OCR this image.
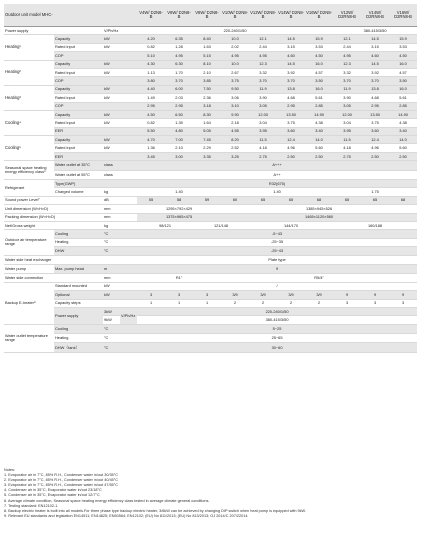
Outdoor unit model MHC-				V4W/ D2N8-B	V6W/ D2N8-B	V8W/ D2N8-B	V10W/ D2N8-B	V12W/ D2N8-B	V14W/ D2N8-B	V16W/ D2N8-B	V12W/ D2RN8-B	V14W/ D2RN8-B	V16W/ D2RN8-B
Power supply		V/Ph/Hz		220-240/1/50							380-415/3/50		
Heating¹	Capacity	kW		4.20	6.35	8.40	10.0	12.1	14.5	15.9	12.1	14.5	15.9
	Rated input	kW		0.82	1.28	1.63	2.02	2.44	3.15	3.53	2.44	3.15	3.53
	COP			5.10	4.95	5.15	4.95	4.95	4.60	4.50	4.95	4.60	4.50
Heating²	Capacity	kW		4.30	6.30	8.10	10.0	12.3	14.5	16.0	12.3	14.5	16.0
	Rated input	kW		1.13	1.70	2.10	2.67	3.32	3.92	4.57	3.32	3.92	4.57
	COP			3.80	3.70	3.85	3.75	3.70	3.70	3.50	3.70	3.70	3.50
Heating³	Capacity	kW		4.40	6.00	7.50	9.50	11.9	13.8	16.0	11.9	13.8	16.0
	Rated input	kW		1.49	2.03	2.36	3.06	3.90	4.68	5.61	3.90	4.68	5.61
	COP			2.95	2.95	3.18	3.10	3.05	2.95	2.85	3.05	2.95	2.85
Cooling⁴	Capacity	kW		4.50	6.50	8.30	9.90	12.00	13.50	14.90	12.00	13.50	14.90
	Rated input	kW		0.82	1.35	1.64	2.18	3.04	3.75	4.38	3.04	3.75	4.38
	EER			5.50	4.80	5.05	4.55	3.95	3.60	3.40	3.95	3.60	3.40
Cooling⁵	Capacity	kW		4.70	7.00	7.45	8.20	11.5	12.4	14.0	11.5	12.4	14.0
	Rated input	kW		1.36	2.10	2.29	2.52	4.18	4.96	5.60	4.18	4.96	5.60
	EER			3.45	3.00	3.35	3.25	2.75	2.50	2.50	2.75	2.50	2.50
Seasonal space heating energy efficiency class⁶	Water outlet at 35°C	class		A+++									
	Water outlet at 55°C	class		A++									
Refrigerant	Type(GWP)			R32(675)									
	Charged volume	kg		1.40			1.40				1.75		
Sound power Level⁷		dB		55	58	59	60	65	65	68	65	65	68
Unit dimension (W×H×D)		mm		1295×792×429			1385×945×526						
Packing dimension (W×H×D)		mm		1375×965×475			1465×1120×560						
Net/Gross weight		kg		98/121		121/148		144/170			160/188		
Outdoor air temperature range	Cooling	°C		-5~43									
	Heating	°C		-25~35									
	DHW	°C		-25~43									
Water side heat exchanger				Plate type									
Water pump	Max. pump head	m		9									
Water side connection		mm		R1"			R5/4"						
Backup E-heater⁸	Standard mounted	kW		/									
	Optional	kW		3	3	3	3/9	3/9	3/9	3/9	9	9	9
	Capacity steps			1	1	1	2	2	2	2	3	3	3
	Power supply	3kW	V/Ph/Hz	220-240/1/50									
		9kW		380-415/3/50									
Water outlet temperature range	Cooling	°C		5~25									
	Heating	°C		25~65									
	DHW（tank）	°C		30~60									
Notes:
1. Evaporator air in 7°C, 85% R.H., Condenser water in/out 30/35°C
2. Evaporator air in 7°C, 85% R.H., Condenser water in/out 40/45°C
3. Evaporator air in 7°C, 85% R.H., Condenser water in/out 47/55°C
4. Condenser air in 35°C, Evaporator water in/out 23/18°C
5. Condenser air in 35°C, Evaporator water in/out 12/7°C
6. Average climate condition, Seasonal space heating energy efficiency class tested in average climate general conditions.
7. Testing standard: EN12102-1.
8. Backup electric heater is built into all models.For three phase type backup electric heater, 3/6kW can be achieved by changing DIP switch when heat pump is equipped with 9kW.
9. Relevant EU standards and legislation EN14511; EN14825; EN50564; EN12102; (EU) No 811/2013; (EU) No 813/2013; OJ 2014/C 207/22014.
